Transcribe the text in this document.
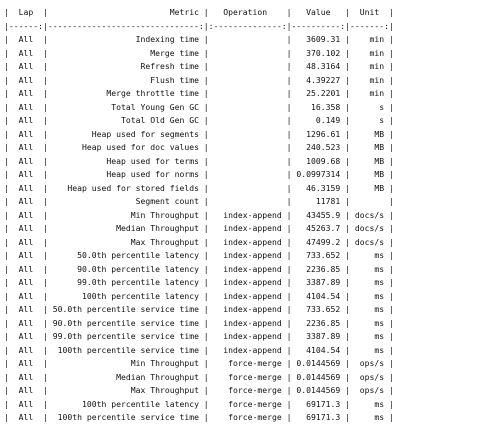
|  Lap  |                         Metric |   Operation    |   Value   |  Unit  |
|------:|-------------------------------:|:--------------:|----------:|-------:|
|  All  |                  Indexing time |	|   3609.31 |    min |
|  All  |                     Merge time |	|   370.102 |    min |
|  All  |                   Refresh time |	|   48.3164 |    min |
|  All  |                     Flush time |	|   4.39227 |    min |
|  All  |            Merge throttle time |	|   25.2201 |    min |
|  All  |             Total Young Gen GC |	|    16.358 |      s |
|  All  |               Total Old Gen GC |	|     0.149 |      s |
|  All  |         Heap used for segments |	|   1296.61 |     MB |
|  All  |       Heap used for doc values |	|   240.523 |     MB |
|  All  |            Heap used for terms |	|   1009.68 |     MB |
|  All  |            Heap used for norms |	| 0.0997314 |     MB |
|  All  |    Heap used for stored fields |	|   46.3159 |     MB |
|  All  |                  Segment count |	|     11781 |	|
|  All  |                 Min Throughput |   index-append |   43455.9 | docs/s |
|  All  |              Median Throughput |   index-append |   45263.7 | docs/s |
|  All  |                 Max Throughput |   index-append |   47499.2 | docs/s |
|  All  |      50.0th percentile latency |   index-append |   733.652 |     ms |
|  All  |      90.0th percentile latency |   index-append |   2236.85 |     ms |
|  All  |      99.0th percentile latency |   index-append |   3387.89 |     ms |
|  All  |       100th percentile latency |   index-append |   4104.54 |     ms |
|  All  | 50.0th percentile service time |   index-append |   733.652 |     ms |
|  All  | 90.0th percentile service time |   index-append |   2236.85 |     ms |
|  All  | 99.0th percentile service time |   index-append |   3387.89 |     ms |
|  All  |  100th percentile service time |   index-append |   4104.54 |     ms |
|  All  |                 Min Throughput |    force-merge | 0.0144569 |  ops/s |
|  All  |              Median Throughput |    force-merge | 0.0144569 |  ops/s |
|  All  |                 Max Throughput |    force-merge | 0.0144569 |  ops/s |
|  All  |       100th percentile latency |    force-merge |   69171.3 |     ms |
|  All  |  100th percentile service time |    force-merge |   69171.3 |     ms |
